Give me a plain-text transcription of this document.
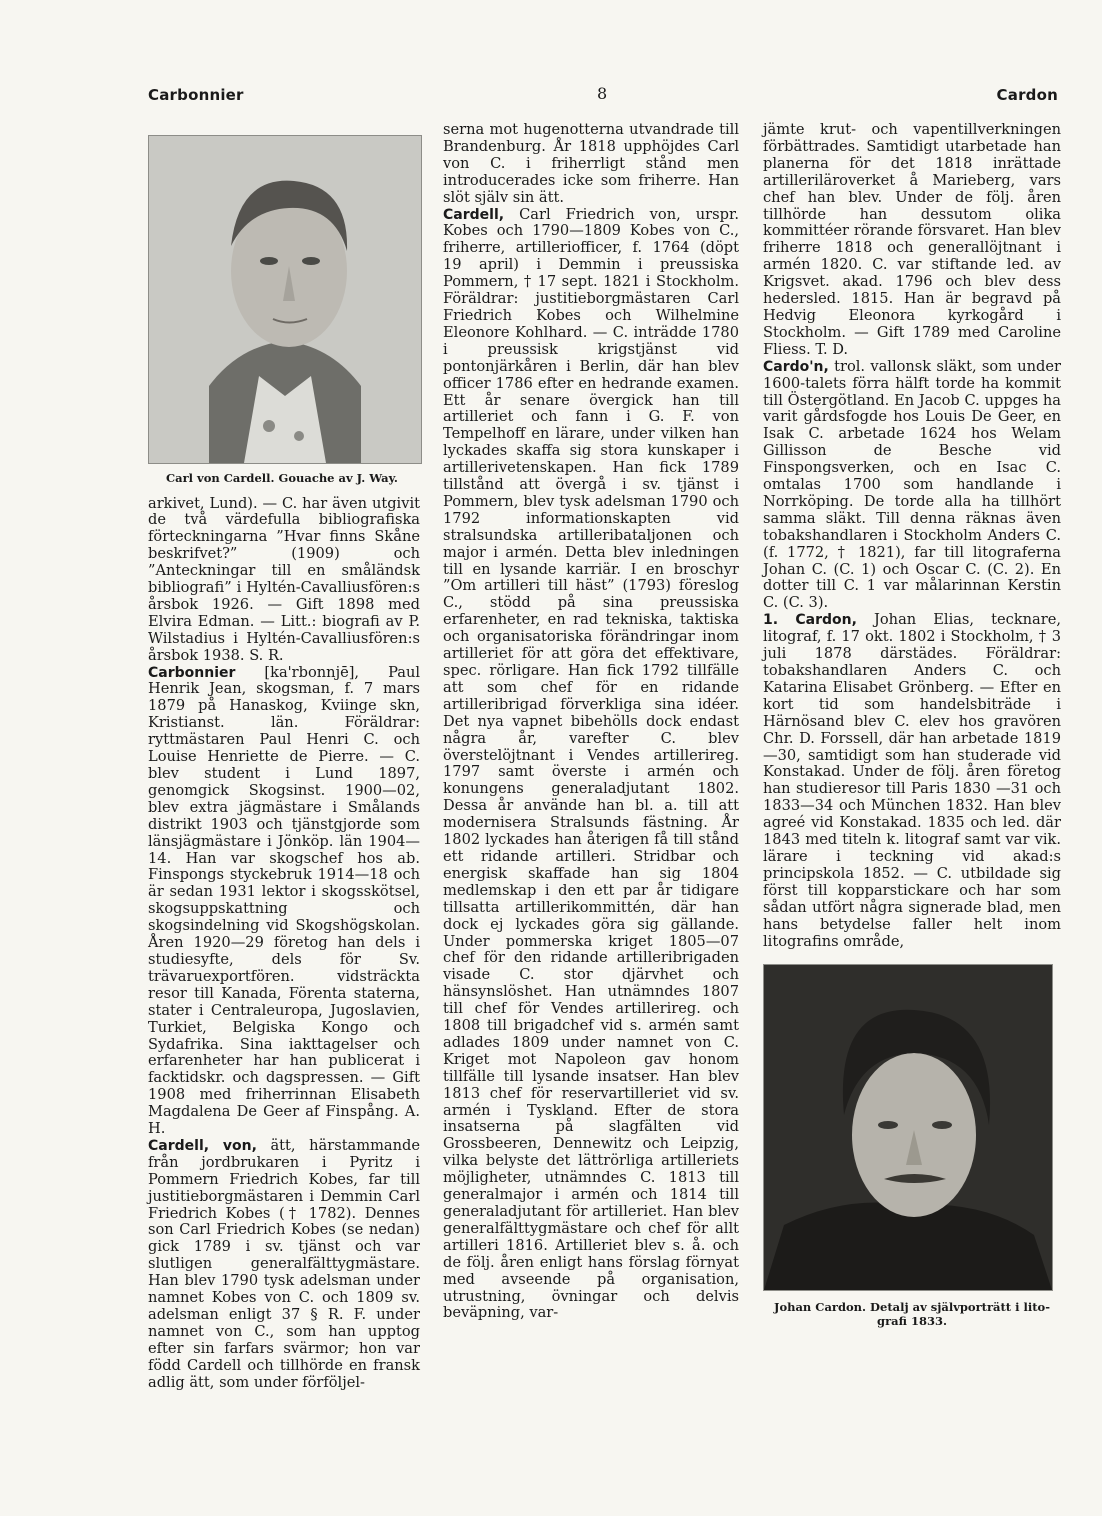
Carbonnier	8	Cardon
Carl von Cardell. Gouache av J. Way.

arkivet, Lund). — C. har även utgivit de två värdefulla bibliografiska förteckningarna ”Hvar finns Skåne beskrifvet?” (1909) och ”Anteckningar till en småländsk bibliografi” i Hyltén-Cavalliusfören:s årsbok 1926. — Gift 1898 med Elvira Edman. — Litt.: biografi av P. Wilstadius i Hyltén-Cavalliusfören:s årsbok 1938. S. R.

Carbonnier [ka'rbonnjē], Paul Henrik Jean, skogsman, f. 7 mars 1879 på Hanaskog, Kviinge skn, Kristianst. län. Föräldrar: ryttmästaren Paul Henri C. och Louise Henriette de Pierre. — C. blev student i Lund 1897, genomgick Skogsinst. 1900—02, blev extra jägmästare i Smålands distrikt 1903 och tjänstgjorde som länsjägmästare i Jönköp. län 1904—14. Han var skogschef hos ab. Finspongs styckebruk 1914—18 och är sedan 1931 lektor i skogsskötsel, skogsuppskattning och skogsindelning vid Skogshögskolan. Åren 1920—29 företog han dels i studiesyfte, dels för Sv. trävaruexportfören. vidsträckta resor till Kanada, Förenta staterna, stater i Centraleuropa, Jugoslavien, Turkiet, Belgiska Kongo och Sydafrika. Sina iakttagelser och erfarenheter har han publicerat i facktidskr. och dagspressen. — Gift 1908 med friherrinnan Elisabeth Magdalena De Geer af Finspång. A. H.

Cardell, von, ätt, härstammande från jordbrukaren i Pyritz i Pommern Friedrich Kobes, far till justitieborgmästaren i Demmin Carl Friedrich Kobes († 1782). Dennes son Carl Friedrich Kobes (se nedan) gick 1789 i sv. tjänst och var slutligen generalfälttygmästare. Han blev 1790 tysk adelsman under namnet Kobes von C. och 1809 sv. adelsman enligt 37 § R. F. under namnet von C., som han upptog efter sin farfars svärmor; hon var född Cardell och tillhörde en fransk adlig ätt, som under förföljel-

serna mot hugenotterna utvandrade till Brandenburg. År 1818 upphöjdes Carl von C. i friherrligt stånd men introducerades icke som friherre. Han slöt själv sin ätt.

Cardell, Carl Friedrich von, urspr. Kobes och 1790—1809 Kobes von C., friherre, artilleriofficer, f. 1764 (döpt 19 april) i Demmin i preussiska Pommern, † 17 sept. 1821 i Stockholm. Föräldrar: justitieborgmästaren Carl Friedrich Kobes och Wilhelmine Eleonore Kohlhard. — C. inträdde 1780 i preussisk krigstjänst vid pontonjärkåren i Berlin, där han blev officer 1786 efter en hedrande examen. Ett år senare övergick han till artilleriet och fann i G. F. von Tempelhoff en lärare, under vilken han lyckades skaffa sig stora kunskaper i artillerivetenskapen. Han fick 1789 tillstånd att övergå i sv. tjänst i Pommern, blev tysk adelsman 1790 och 1792 informationskapten vid stralsundska artilleribataljonen och major i armén. Detta blev inledningen till en lysande karriär. I en broschyr ”Om artilleri till häst” (1793) föreslog C., stödd på sina preussiska erfarenheter, en rad tekniska, taktiska och organisatoriska förändringar inom artilleriet för att göra det effektivare, spec. rörligare. Han fick 1792 tillfälle att som chef för en ridande artilleribrigad förverkliga sina idéer. Det nya vapnet bibehölls dock endast några år, varefter C. blev överstelöjtnant i Vendes artillerireg. 1797 samt överste i armén och konungens generaladjutant 1802. Dessa år använde han bl. a. till att modernisera Stralsunds fästning. År 1802 lyckades han återigen få till stånd ett ridande artilleri. Stridbar och energisk skaffade han sig 1804 medlemskap i den ett par år tidigare tillsatta artillerikommittén, där han dock ej lyckades göra sig gällande. Under pommerska kriget 1805—07 chef för den ridande artilleribrigaden visade C. stor djärvhet och hänsynslöshet. Han utnämndes 1807 till chef för Vendes artillerireg. och 1808 till brigadchef vid s. armén samt adlades 1809 under namnet von C. Kriget mot Napoleon gav honom tillfälle till lysande insatser. Han blev 1813 chef för reservartilleriet vid sv. armén i Tyskland. Efter de stora insatserna på slagfälten vid Grossbeeren, Dennewitz och Leipzig, vilka belyste det lättrörliga artilleriets möjligheter, utnämndes C. 1813 till generalmajor i armén och 1814 till generaladjutant för artilleriet. Han blev generalfälttygmästare och chef för allt artilleri 1816. Artilleriet blev s. å. och de följ. åren enligt hans förslag förnyat med avseende på organisation, utrustning, övningar och delvis beväpning, var-

jämte krut- och vapentillverkningen förbättrades. Samtidigt utarbetade han planerna för det 1818 inrättade artilleriläroverket å Marieberg, vars chef han blev. Under de följ. åren tillhörde han dessutom olika kommittéer rörande försvaret. Han blev friherre 1818 och generallöjtnant i armén 1820. C. var stiftande led. av Krigsvet. akad. 1796 och blev dess hedersled. 1815. Han är begravd på Hedvig Eleonora kyrkogård i Stockholm. — Gift 1789 med Caroline Fliess. T. D.

Cardo'n, trol. vallonsk släkt, som under 1600-talets förra hälft torde ha kommit till Östergötland. En Jacob C. uppges ha varit gårdsfogde hos Louis De Geer, en Isak C. arbetade 1624 hos Welam Gillisson de Besche vid Finspongsverken, och en Isac C. omtalas 1700 som handlande i Norrköping. De torde alla ha tillhört samma släkt. Till denna räknas även tobakshandlaren i Stockholm Anders C. (f. 1772, † 1821), far till litograferna Johan C. (C. 1) och Oscar C. (C. 2). En dotter till C. 1 var målarinnan Kerstin C. (C. 3).

1. Cardon, Johan Elias, tecknare, litograf, f. 17 okt. 1802 i Stockholm, † 3 juli 1878 därstädes. Föräldrar: tobakshandlaren Anders C. och Katarina Elisabet Grönberg. — Efter en kort tid som handelsbiträde i Härnösand blev C. elev hos gravören Chr. D. Forssell, där han arbetade 1819 —30, samtidigt som han studerade vid Konstakad. Under de följ. åren företog han studieresor till Paris 1830 —31 och 1833—34 och München 1832. Han blev agreé vid Konstakad. 1835 och led. där 1843 med titeln k. litograf samt var vik. lärare i teckning vid akad:s principskola 1852. — C. utbildade sig först till kopparstickare och har som sådan utfört några signerade blad, men hans betydelse faller helt inom litografins område,

Johan Cardon. Detalj av självporträtt i lito-grafi 1833.
